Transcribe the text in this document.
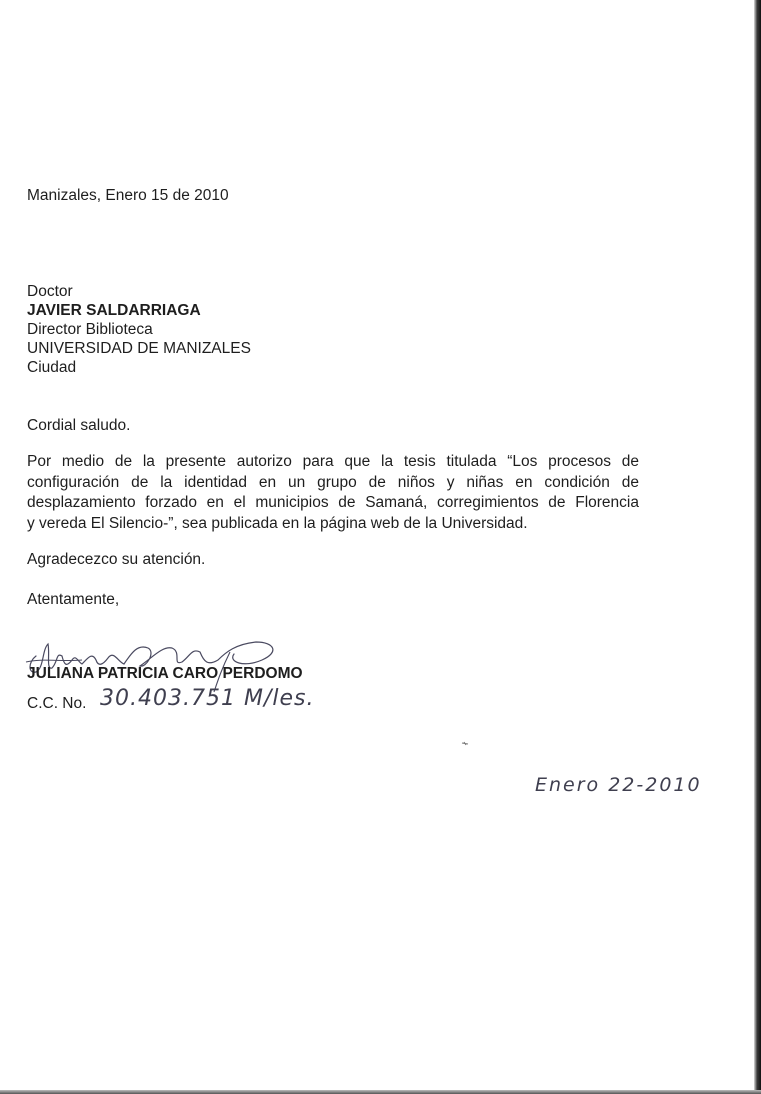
Manizales, Enero 15 de 2010
Doctor
JAVIER SALDARRIAGA
Director Biblioteca
UNIVERSIDAD DE MANIZALES
Ciudad
Cordial saludo.
Por medio de la presente autorizo para que la tesis titulada “Los procesos de
configuración de la identidad en un grupo de niños y niñas en condición de
desplazamiento forzado en el municipios de Samaná, corregimientos de Florencia
y vereda El Silencio-”, sea publicada en la página web de la Universidad.
Agradecezco su atención.
Atentamente,
JULIANA PATRICIA CARO PERDOMO
C.C. No. 30.403.751 M/les.
Enero 22-2010
